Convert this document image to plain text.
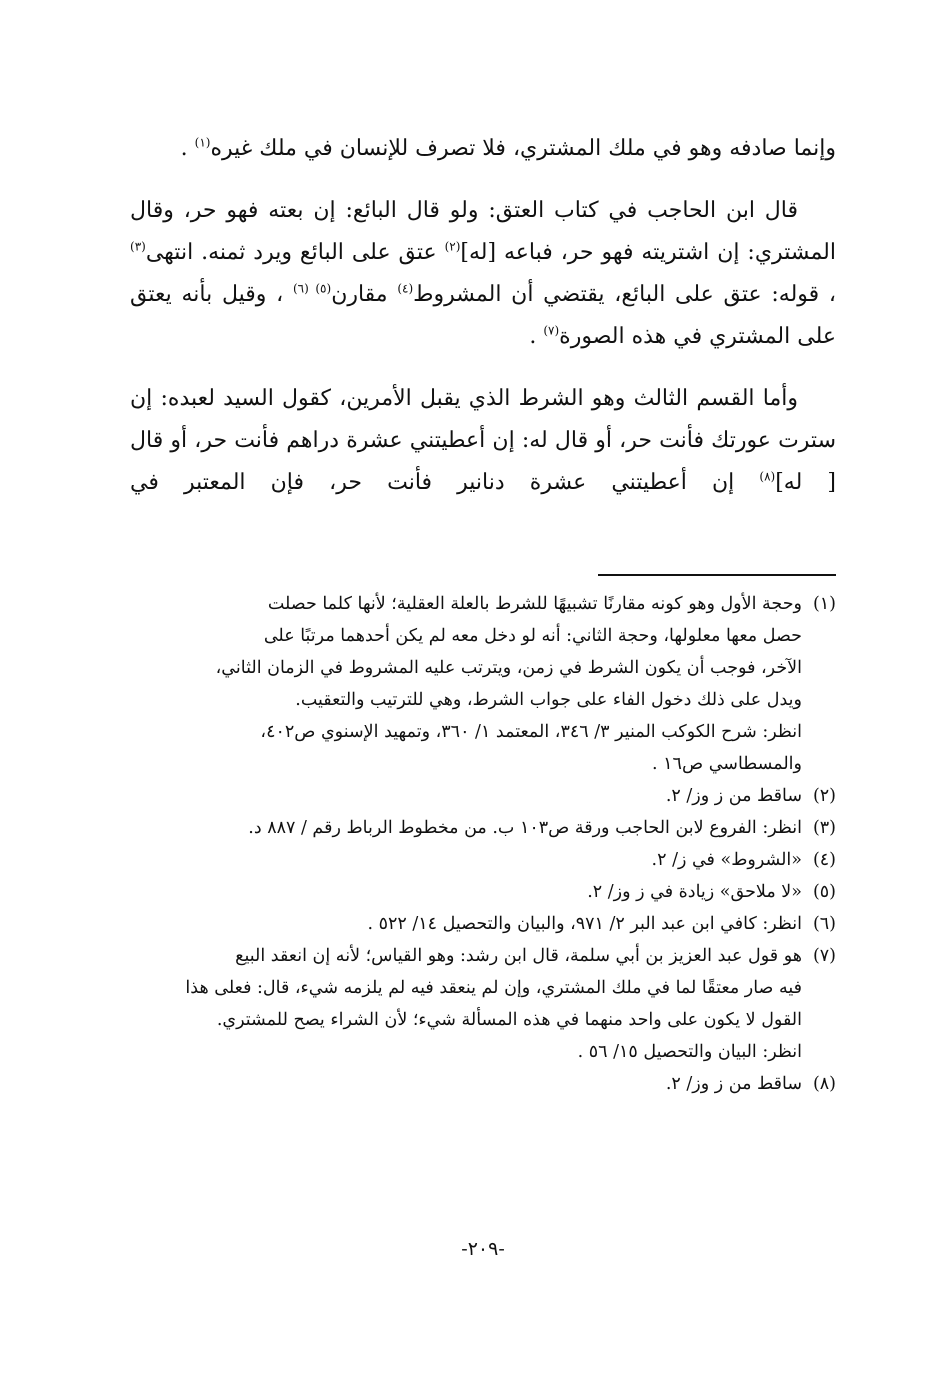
وإنما صادفه وهو في ملك المشتري، فلا تصرف للإنسان في ملك غيره$^{(١)}$ .

قال ابن الحاجب في كتاب العتق: ولو قال البائع: إن بعته فهو حر، وقال المشتري: إن اشتريته فهو حر، فباعه [له]$^{(٢)}$ عتق على البائع ويرد ثمنه. انتهى$^{(٣)}$ ، قوله: عتق على البائع، يقتضي أن المشروط$^{(٤)}$ مقارن$^{(٥) (٦)}$ ، وقيل بأنه يعتق على المشتري في هذه الصورة$^{(٧)}$ .

وأما القسم الثالث وهو الشرط الذي يقبل الأمرين، كقول السيد لعبده: إن سترت عورتك فأنت حر، أو قال له: إن أعطيتني عشرة دراهم فأنت حر، أو قال [ له]$^{(٨)}$ إن أعطيتني عشرة دنانير فأنت حر، فإن المعتبر في

(١)
وحجة الأول وهو كونه مقارنًا تشبيهًا للشرط بالعلة العقلية؛ لأنها كلما حصلت
حصل معها معلولها، وحجة الثاني: أنه لو دخل معه لم يكن أحدهما مرتبًا على
الآخر، فوجب أن يكون الشرط في زمن، ويترتب عليه المشروط في الزمان الثاني،
ويدل على ذلك دخول الفاء على جواب الشرط، وهي للترتيب والتعقيب.
انظر: شرح الكوكب المنير ٣/ ٣٤٦، المعتمد ١/ ٣٦٠، وتمهيد الإسنوي ص٤٠٢،
والمسطاسي ص١٦ .
(٢)
ساقط من ز وز/ ٢.
(٣)
انظر: الفروع لابن الحاجب ورقة ص١٠٣ ب. من مخطوط الرباط رقم / ٨٨٧ د.
(٤)
«الشروط» في ز/ ٢.
(٥)
«لا ملاحق» زيادة في ز وز/ ٢.
(٦)
انظر: كافي ابن عبد البر ٢/ ٩٧١، والبيان والتحصيل ١٤/ ٥٢٢ .
(٧)
هو قول عبد العزيز بن أبي سلمة، قال ابن رشد: وهو القياس؛ لأنه إن انعقد البيع
فيه صار معتقًا لما في ملك المشتري، وإن لم ينعقد فيه لم يلزمه شيء، قال: فعلى هذا
القول لا يكون على واحد منهما في هذه المسألة شيء؛ لأن الشراء يصح للمشتري.
انظر: البيان والتحصيل ١٥/ ٥٦ .
(٨)
ساقط من ز وز/ ٢.
-٢٠٩-
